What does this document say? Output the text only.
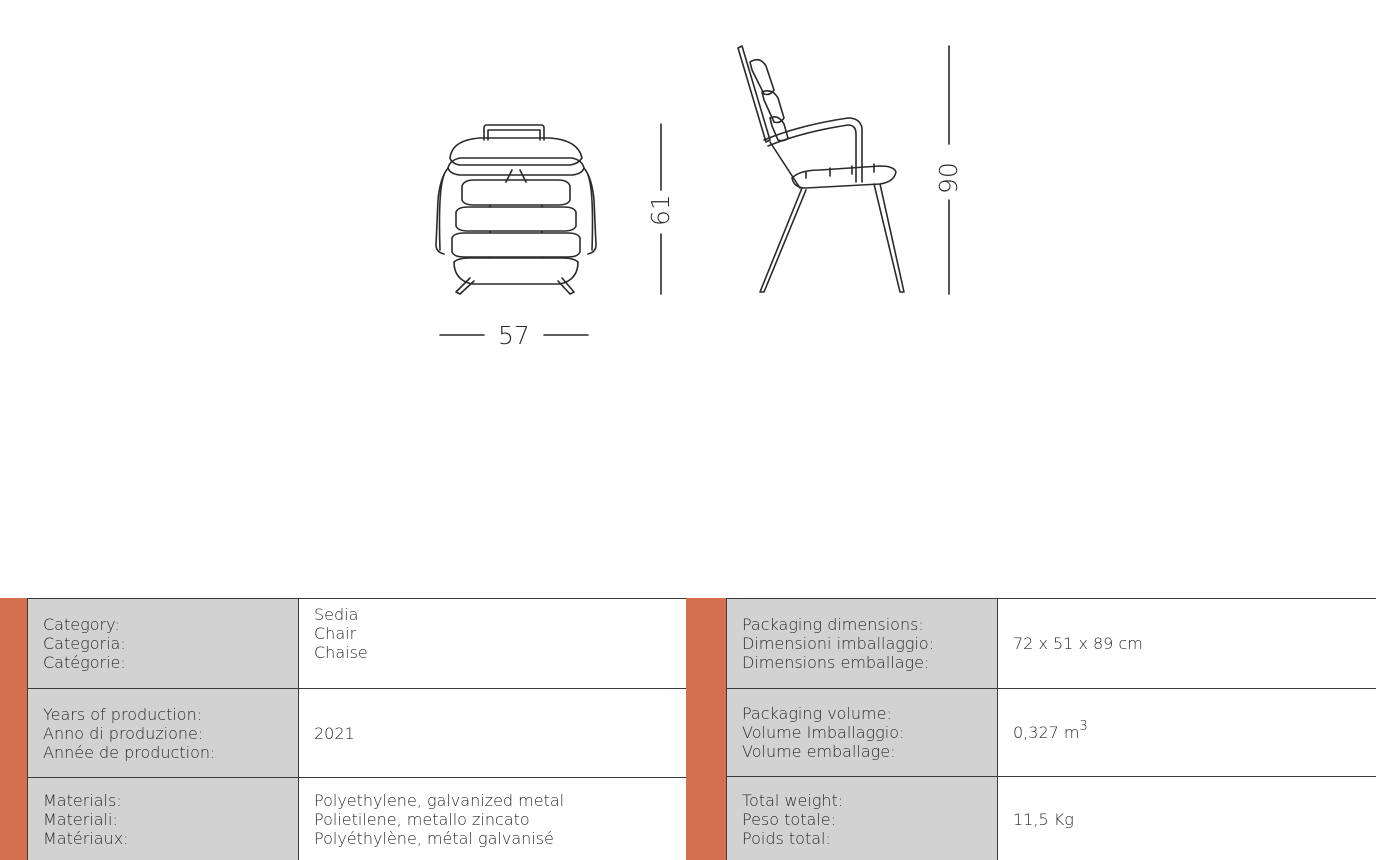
57
61
90
Category:
Categoria:
Catégorie:
Sedia
Chair
Chaise
Years of production:
Anno di produzione:
Année de production:
2021
Materials:
Materiali:
Matériaux:
Polyethylene, galvanized metal
Polietilene, metallo zincato
Polyéthylène, métal galvanisé
Packaging dimensions:
Dimensioni imballaggio:
Dimensions emballage:
72 x 51 x 89 cm
Packaging volume:
Volume Imballaggio:
Volume emballage:
0,327 $m^3$
Total weight:
Peso totale:
Poids total:
11,5 Kg
